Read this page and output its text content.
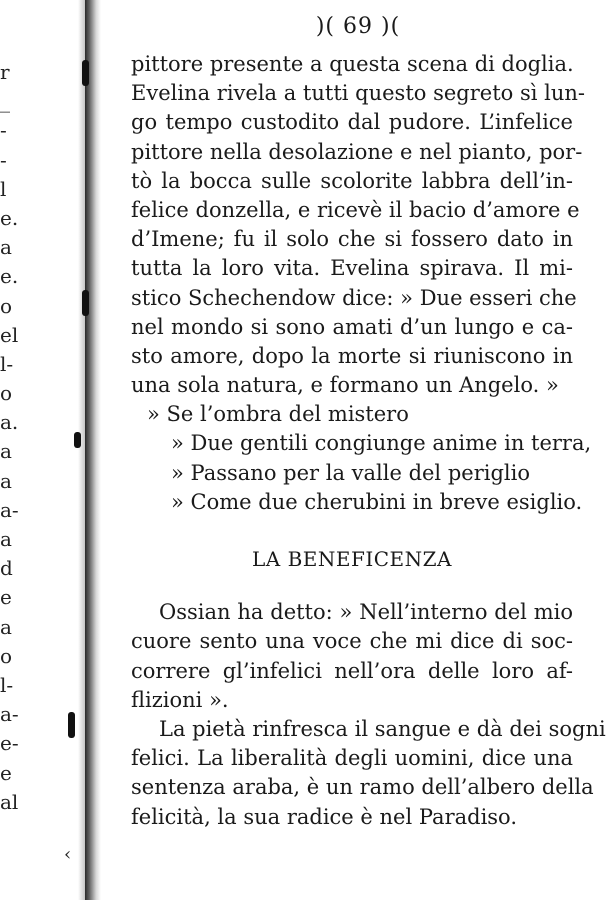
r
_
-
-
l
e.
a
e.
o
el
l-
o
a.
a
a
a-
a
d
e
a
o
l-
a-
e-
e
al
)( 69 )(
pittore presente a questa scena di doglia.
Evelina rivela a tutti questo segreto sì lun-
go tempo custodito dal pudore. L’infelice
pittore nella desolazione e nel pianto, por-
tò la bocca sulle scolorite labbra dell’in-
felice donzella, e ricevè il bacio d’amore e
d’Imene; fu il solo che si fossero dato in
tutta la loro vita. Evelina spirava. Il mi-
stico Schechendow dice: » Due esseri che
nel mondo si sono amati d’un lungo e ca-
sto amore, dopo la morte si riuniscono in
una sola natura, e formano un Angelo. »
» Se l’ombra del mistero
» Due gentili congiunge anime in terra,
» Passano per la valle del periglio
» Come due cherubini in breve esiglio.
LA BENEFICENZA
Ossian ha detto: » Nell’interno del mio
cuore sento una voce che mi dice di soc-
correre gl’infelici nell’ora delle loro af-
flizioni ».
La pietà rinfresca il sangue e dà dei sogni
felici. La liberalità degli uomini, dice una
sentenza araba, è un ramo dell’albero della
felicità, la sua radice è nel Paradiso.
‹
